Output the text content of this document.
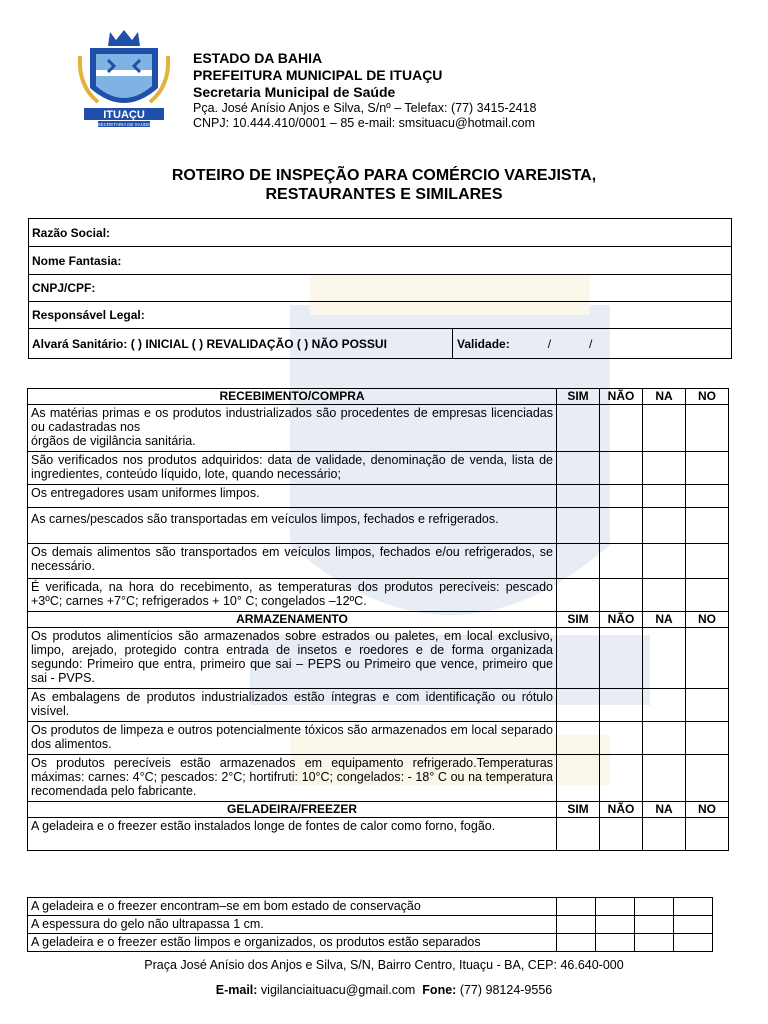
ITUAÇU
SECRETARIA DE SAÚDE
ESTADO DA BAHIA
PREFEITURA MUNICIPAL DE ITUAÇU
Secretaria Municipal de Saúde
Pça. José Anísio Anjos e Silva, S/nº – Telefax: (77) 3415-2418
CNPJ: 10.444.410/0001 – 85 e-mail: smsituacu@hotmail.com
ROTEIRO DE INSPEÇÃO PARA COMÉRCIO VAREJISTA,
RESTAURANTES E SIMILARES
Razão Social:
Nome Fantasia:
CNPJ/CPF:
Responsável Legal:
Alvará Sanitário: ( ) INICIAL ( ) REVALIDAÇÃO ( ) NÃO POSSUI	Validade:	/	/
RECEBIMENTO/COMPRA	SIM	NÃO	NA	NO

As matérias primas e os produtos industrializados são procedentes de empresas licenciadas ou cadastradas nos
órgãos de vigilância sanitária.				

São verificados nos produtos adquiridos: data de validade, denominação de venda, lista de ingredientes, conteúdo líquido, lote, quando necessário;				
Os entregadores usam uniformes limpos.				
As carnes/pescados são transportadas em veículos limpos, fechados e refrigerados.				
Os demais alimentos são transportados em veículos limpos, fechados e/ou refrigerados, se necessário.				
É verificada, na hora do recebimento, as temperaturas dos produtos perecíveis: pescado +3ºC; carnes +7°C; refrigerados + 10° C; congelados –12ºC.				
ARMAZENAMENTO	SIM	NÃO	NA	NO
Os produtos alimentícios são armazenados sobre estrados ou paletes, em local exclusivo, limpo, arejado, protegido contra entrada de insetos e roedores e de forma organizada segundo: Primeiro que entra, primeiro que sai – PEPS ou Primeiro que vence, primeiro que sai - PVPS.				
As embalagens de produtos industrializados estão íntegras e com identificação ou rótulo visível.				
Os produtos de limpeza e outros potencialmente tóxicos são armazenados em local separado dos alimentos.				
Os produtos perecíveis estão armazenados em equipamento refrigerado.Temperaturas máximas: carnes: 4°C; pescados: 2°C; hortifruti: 10°C; congelados: - 18° C ou na temperatura recomendada pelo fabricante.				
GELADEIRA/FREEZER	SIM	NÃO	NA	NO
A geladeira e o freezer estão instalados longe de fontes de calor como forno, fogão.				
A geladeira e o freezer encontram–se em bom estado de conservação				
A espessura do gelo não ultrapassa 1 cm.				
A geladeira e o freezer estão limpos e organizados, os produtos estão separados				
Praça José Anísio dos Anjos e Silva, S/N, Bairro Centro, Ituaçu - BA, CEP: 46.640-000
E-mail: vigilanciaituacu@gmail.com Fone: (77) 98124-9556
